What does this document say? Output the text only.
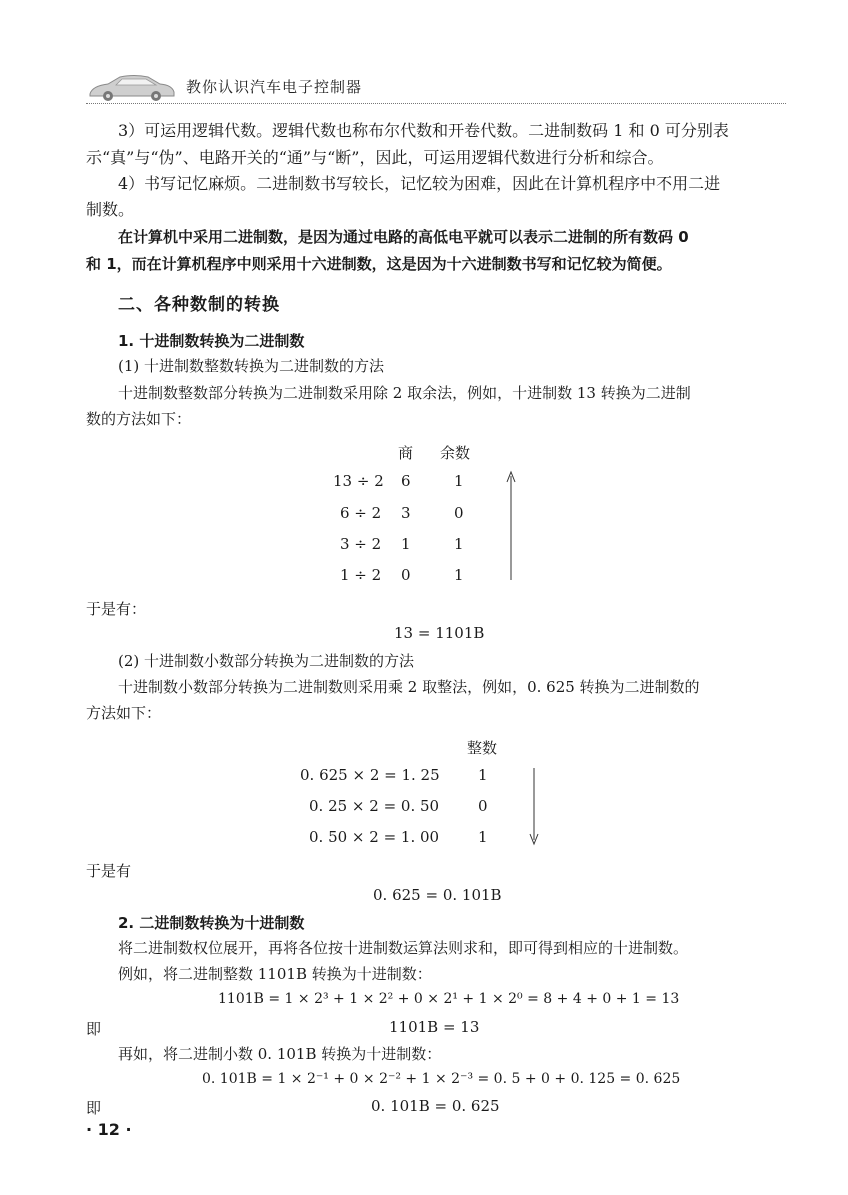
教你认识汽车电子控制器
3）可运用逻辑代数。逻辑代数也称布尔代数和开卷代数。二进制数码 1 和 0 可分别表
示“真”与“伪”、电路开关的“通”与“断”，因此，可运用逻辑代数进行分析和综合。
4）书写记忆麻烦。二进制数书写较长，记忆较为困难，因此在计算机程序中不用二进
制数。
在计算机中采用二进制数，是因为通过电路的高低电平就可以表示二进制的所有数码 0
和 1，而在计算机程序中则采用十六进制数，这是因为十六进制数书写和记忆较为简便。
二、各种数制的转换
1. 十进制数转换为二进制数
(1) 十进制数整数转换为二进制数的方法
十进制数整数部分转换为二进制数采用除 2 取余法，例如，十进制数 13 转换为二进制
数的方法如下：
商 余数
13 ÷ 2 6	1
6 ÷ 2 3	0
3 ÷ 2 1	1
1 ÷ 2 0	1
于是有：
13 = 1101B
(2) 十进制数小数部分转换为二进制数的方法
十进制数小数部分转换为二进制数则采用乘 2 取整法，例如，0. 625 转换为二进制数的
方法如下：
整数
0. 625 × 2 = 1. 25	1
0. 25 × 2 = 0. 50	0
0. 50 × 2 = 1. 00	1
于是有
0. 625 = 0. 101B
2. 二进制数转换为十进制数
将二进制数权位展开，再将各位按十进制数运算法则求和，即可得到相应的十进制数。
例如，将二进制整数 1101B 转换为十进制数：
1101B = 1 × 2³ + 1 × 2² + 0 × 2¹ + 1 × 2⁰ = 8 + 4 + 0 + 1 = 13
即	1101B = 13
再如，将二进制小数 0. 101B 转换为十进制数：
0. 101B = 1 × 2⁻¹ + 0 × 2⁻² + 1 × 2⁻³ = 0. 5 + 0 + 0. 125 = 0. 625
即	0. 101B = 0. 625
· 12 ·
